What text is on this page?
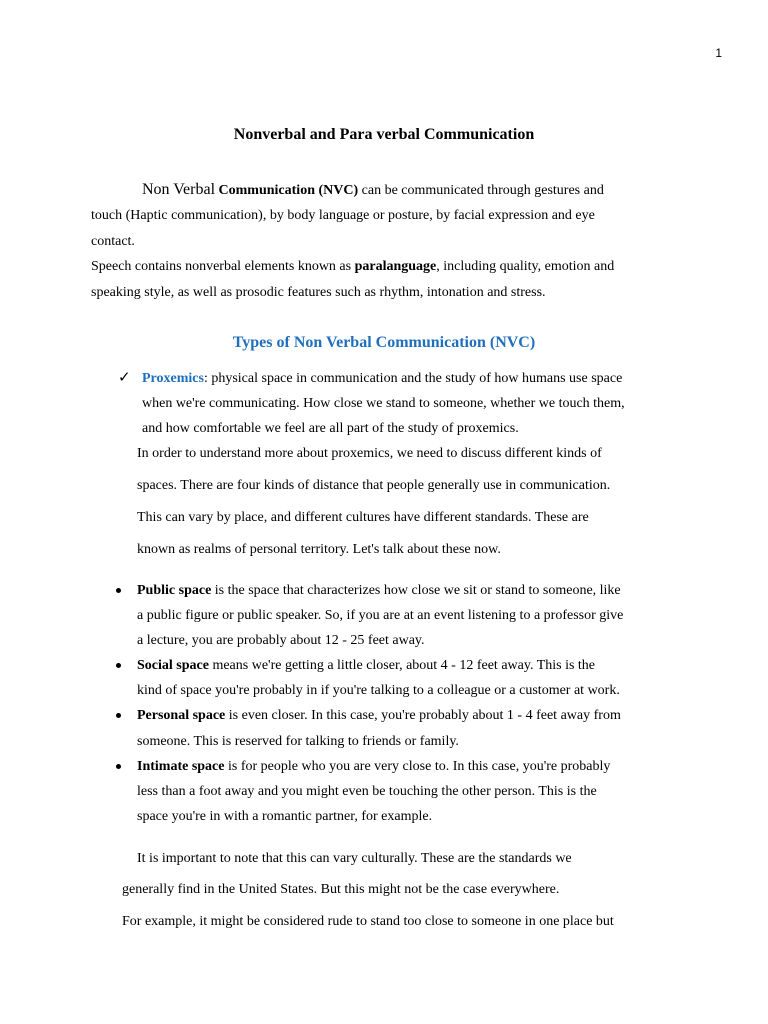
1
Nonverbal and Para verbal Communication
Non Verbal Communication (NVC) can be communicated through gestures and
touch (Haptic communication), by body language or posture, by facial expression and eye
contact.
Speech contains nonverbal elements known as paralanguage, including quality, emotion and
speaking style, as well as prosodic features such as rhythm, intonation and stress.
Types of Non Verbal Communication (NVC)
✓ Proxemics: physical space in communication and the study of how humans use space
when we're communicating. How close we stand to someone, whether we touch them,
and how comfortable we feel are all part of the study of proxemics.
In order to understand more about proxemics, we need to discuss different kinds of
spaces. There are four kinds of distance that people generally use in communication.
This can vary by place, and different cultures have different standards. These are
known as realms of personal territory. Let's talk about these now.
Public space is the space that characterizes how close we sit or stand to someone, like
a public figure or public speaker. So, if you are at an event listening to a professor give
a lecture, you are probably about 12 - 25 feet away.
Social space means we're getting a little closer, about 4 - 12 feet away. This is the
kind of space you're probably in if you're talking to a colleague or a customer at work.
Personal space is even closer. In this case, you're probably about 1 - 4 feet away from
someone. This is reserved for talking to friends or family.
Intimate space is for people who you are very close to. In this case, you're probably
less than a foot away and you might even be touching the other person. This is the
space you're in with a romantic partner, for example.
It is important to note that this can vary culturally. These are the standards we
generally find in the United States. But this might not be the case everywhere.
For example, it might be considered rude to stand too close to someone in one place but
